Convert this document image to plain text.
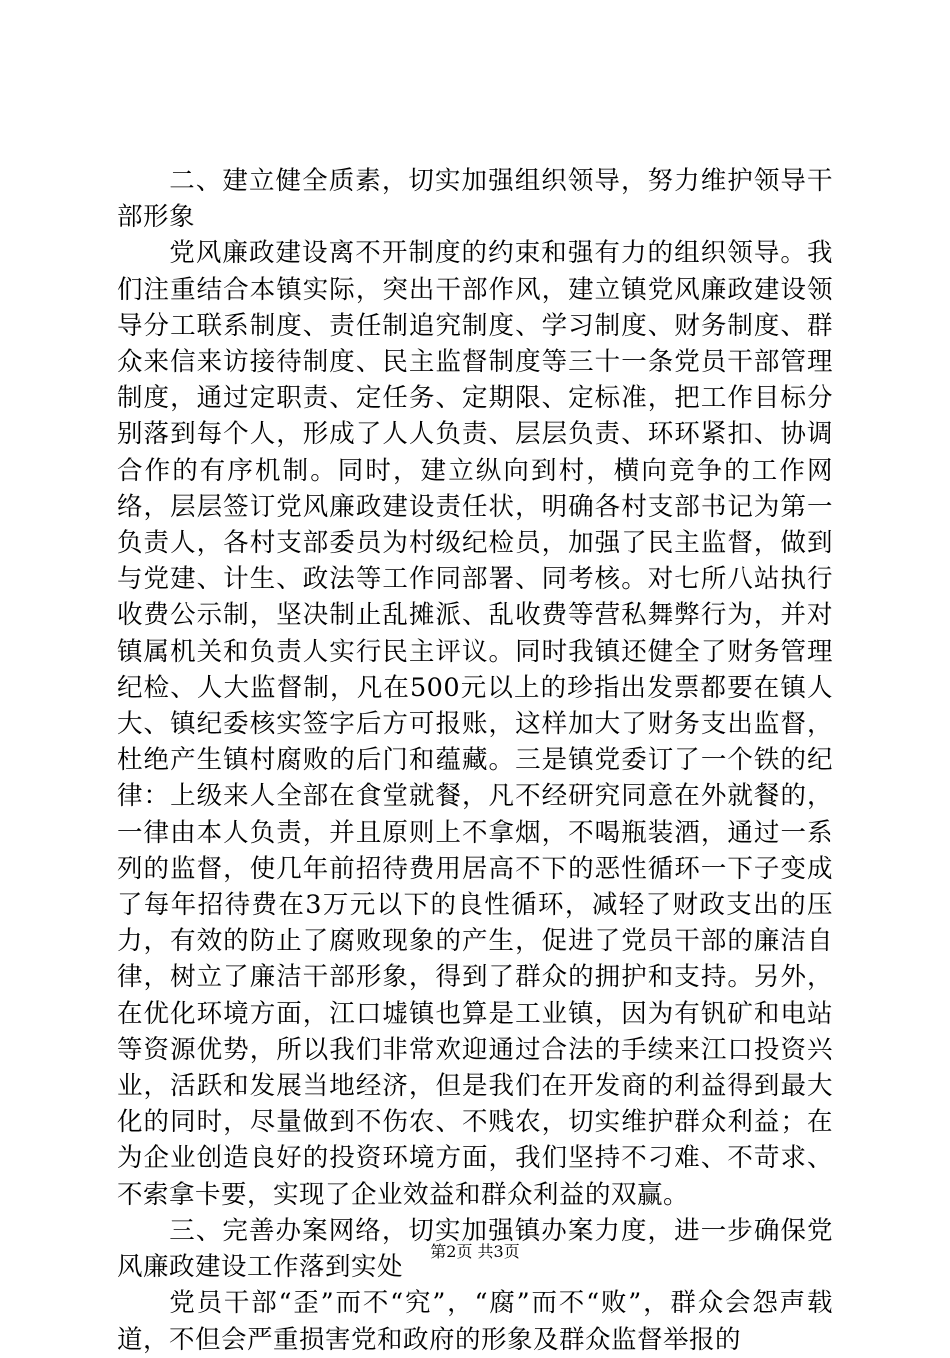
二、建立健全质素，切实加强组织领导，努力维护领导干部形象

党风廉政建设离不开制度的约束和强有力的组织领导。我们注重结合本镇实际，突出干部作风，建立镇党风廉政建设领导分工联系制度、责任制追究制度、学习制度、财务制度、群众来信来访接待制度、民主监督制度等三十一条党员干部管理制度，通过定职责、定任务、定期限、定标准，把工作目标分别落到每个人，形成了人人负责、层层负责、环环紧扣、协调合作的有序机制。同时，建立纵向到村，横向竞争的工作网络，层层签订党风廉政建设责任状，明确各村支部书记为第一负责人，各村支部委员为村级纪检员，加强了民主监督，做到与党建、计生、政法等工作同部署、同考核。对七所八站执行收费公示制，坚决制止乱摊派、乱收费等营私舞弊行为，并对镇属机关和负责人实行民主评议。同时我镇还健全了财务管理纪检、人大监督制，凡在500元以上的珍指出发票都要在镇人大、镇纪委核实签字后方可报账，这样加大了财务支出监督，杜绝产生镇村腐败的后门和蕴藏。三是镇党委订了一个铁的纪律：上级来人全部在食堂就餐，凡不经研究同意在外就餐的，一律由本人负责，并且原则上不拿烟，不喝瓶装酒，通过一系列的监督，使几年前招待费用居高不下的恶性循环一下子变成了每年招待费在3万元以下的良性循环，减轻了财政支出的压力，有效的防止了腐败现象的产生，促进了党员干部的廉洁自律，树立了廉洁干部形象，得到了群众的拥护和支持。另外，在优化环境方面，江口墟镇也算是工业镇，因为有钒矿和电站等资源优势，所以我们非常欢迎通过合法的手续来江口投资兴业，活跃和发展当地经济，但是我们在开发商的利益得到最大化的同时，尽量做到不伤农、不贱农，切实维护群众利益；在为企业创造良好的投资环境方面，我们坚持不刁难、不苛求、不索拿卡要，实现了企业效益和群众利益的双赢。

三、完善办案网络，切实加强镇办案力度，进一步确保党风廉政建设工作落到实处

党员干部“歪”而不“究”，“腐”而不“败”，群众会怨声载道，不但会严重损害党和政府的形象及群众监督举报的

第2页 共3页
